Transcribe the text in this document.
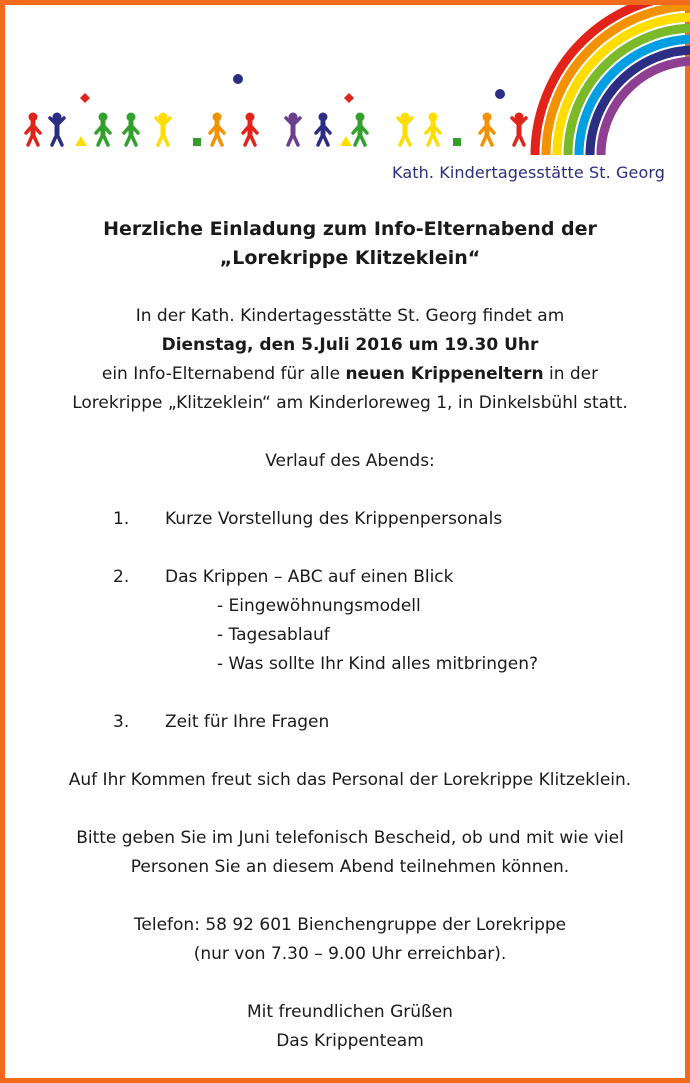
Kath. Kindertagesstätte St. Georg

Herzliche Einladung zum Info-Elternabend der

„Lorekrippe Klitzeklein“

In der Kath. Kindertagesstätte St. Georg findet am

Dienstag, den 5.Juli 2016 um 19.30 Uhr

ein Info-Elternabend für alle neuen Krippeneltern in der

Lorekrippe „Klitzeklein“ am Kinderloreweg 1, in Dinkelsbühl statt.

Verlauf des Abends:

1. Kurze Vorstellung des Krippenpersonals
2. Das Krippen – ABC auf einen Blick
- Eingewöhnungsmodell
- Tagesablauf
- Was sollte Ihr Kind alles mitbringen?
3. Zeit für Ihre Fragen

Auf Ihr Kommen freut sich das Personal der Lorekrippe Klitzeklein.

Bitte geben Sie im Juni telefonisch Bescheid, ob und mit wie viel

Personen Sie an diesem Abend teilnehmen können.

Telefon: 58 92 601 Bienchengruppe der Lorekrippe

(nur von 7.30 – 9.00 Uhr erreichbar).

Mit freundlichen Grüßen

Das Krippenteam
